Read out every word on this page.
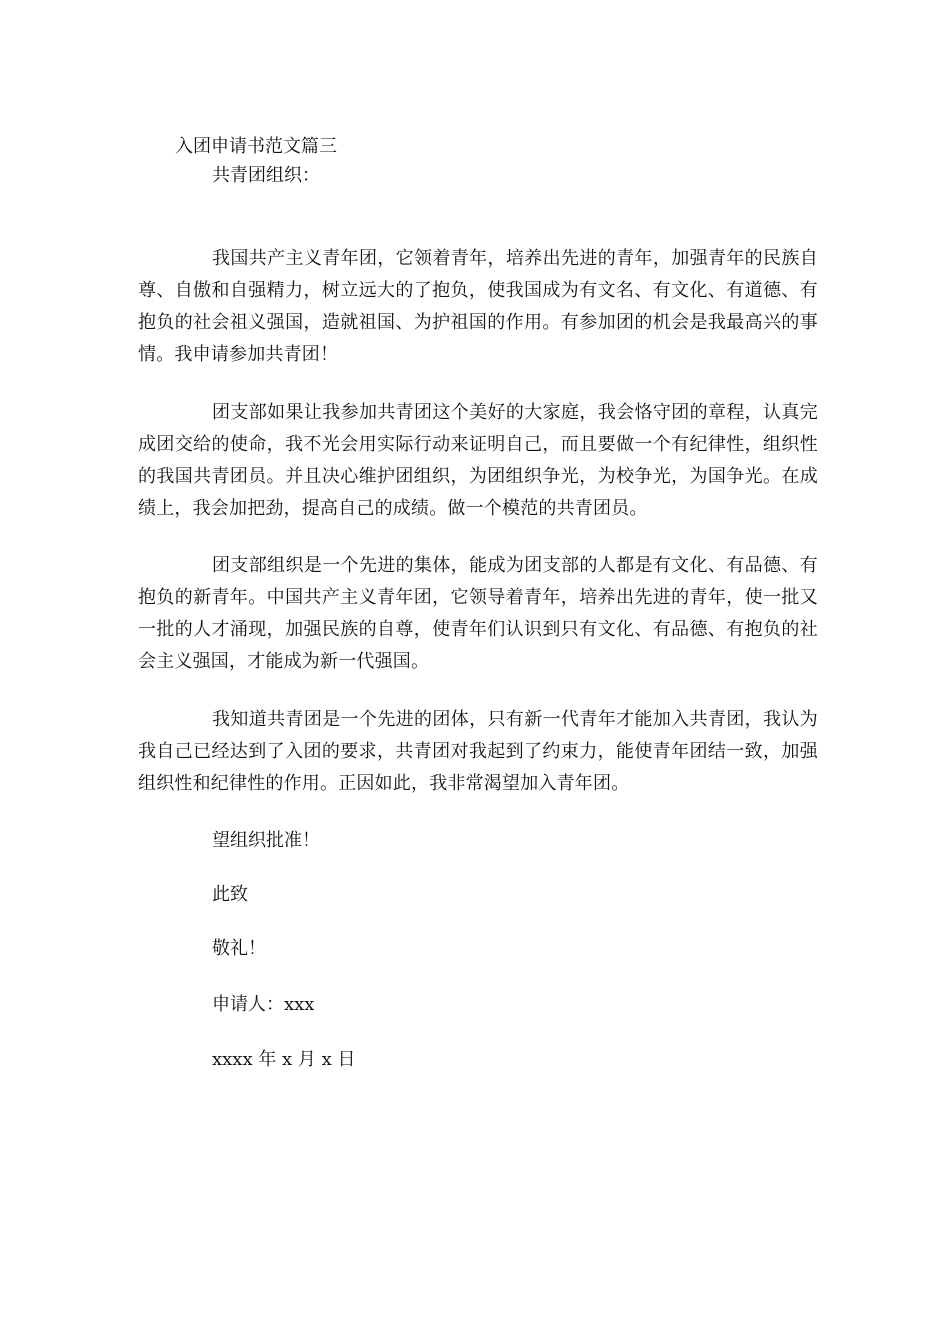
入团申请书范文篇三
共青团组织：
我国共产主义青年团，它领着青年，培养出先进的青年，加强青年的民族自尊、自傲和自强精力，树立远大的了抱负，使我国成为有文名、有文化、有道德、有抱负的社会祖义强国，造就祖国、为护祖国的作用。有参加团的机会是我最高兴的事情。我申请参加共青团！
团支部如果让我参加共青团这个美好的大家庭，我会恪守团的章程，认真完成团交给的使命，我不光会用实际行动来证明自己，而且要做一个有纪律性，组织性的我国共青团员。并且决心维护团组织，为团组织争光，为校争光，为国争光。在成绩上，我会加把劲，提高自己的成绩。做一个模范的共青团员。
团支部组织是一个先进的集体，能成为团支部的人都是有文化、有品德、有抱负的新青年。中国共产主义青年团，它领导着青年，培养出先进的青年，使一批又一批的人才涌现，加强民族的自尊，使青年们认识到只有文化、有品德、有抱负的社会主义强国，才能成为新一代强国。
我知道共青团是一个先进的团体，只有新一代青年才能加入共青团，我认为我自己已经达到了入团的要求，共青团对我起到了约束力，能使青年团结一致，加强组织性和纪律性的作用。正因如此，我非常渴望加入青年团。
望组织批准！
此致
敬礼！
申请人：xxx
xxxx 年 x 月 x 日
